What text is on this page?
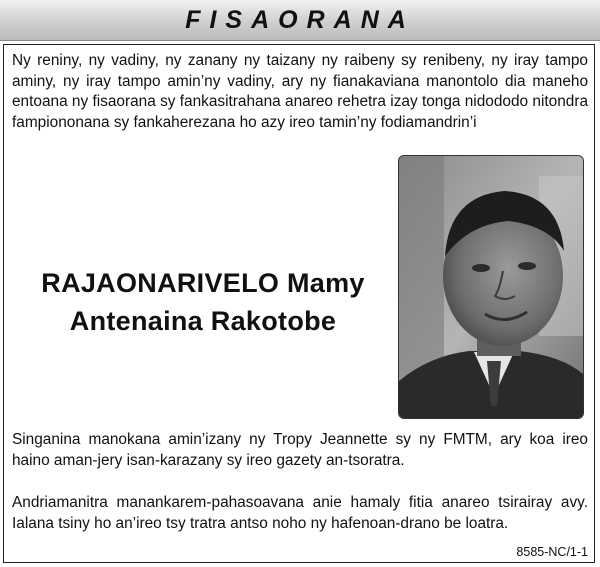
FISAORANA
Ny reniny, ny vadiny, ny zanany ny taizany ny raibeny sy renibeny, ny iray tampo aminy, ny iray tampo amin’ny vadiny, ary ny fianakaviana manontolo dia maneho entoana ny fisaorana sy fankasitrahana anareo rehetra izay tonga nidododo nitondra fampiononana sy fankaherezana ho azy ireo tamin’ny fodiamandrin’i
RAJAONARIVELO Mamy
Antenaina Rakotobe
Singanina manokana amin’izany ny Tropy Jeannette sy ny FMTM, ary koa ireo haino aman-jery isan-karazany sy ireo gazety an-tsoratra.
Andriamanitra manankarem-pahasoavana anie hamaly fitia anareo tsirairay avy. Ialana tsiny ho an’ireo tsy tratra antso noho ny hafenoan-drano be loatra.
8585-NC/1-1
